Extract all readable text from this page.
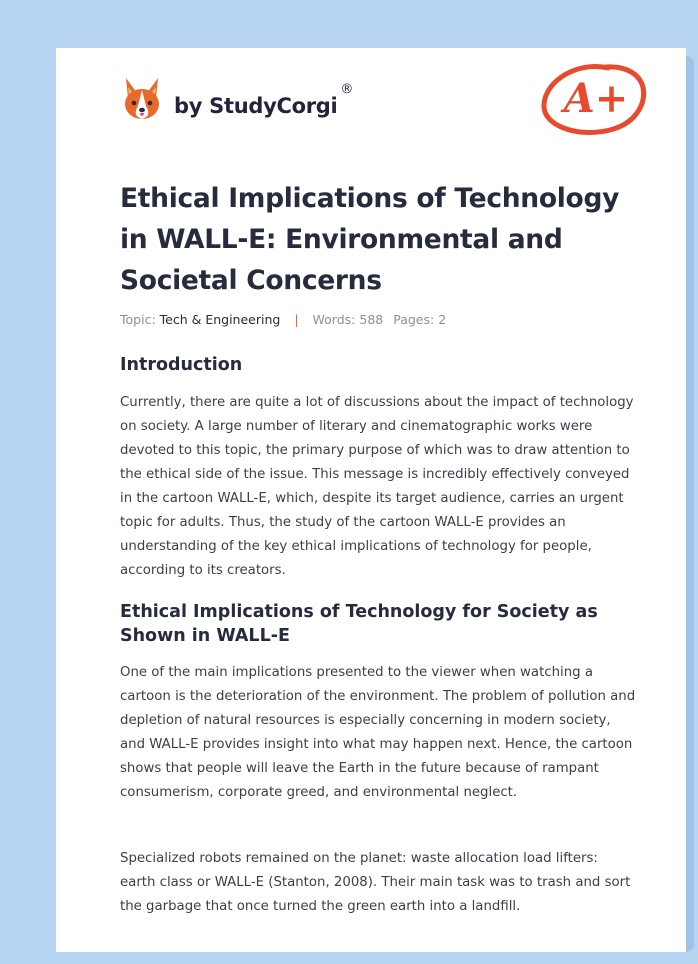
by StudyCorgi®	A+
Ethical Implications of Technology in WALL-E: Environmental and Societal Concerns
Topic: Tech & Engineering | Words: 588 Pages: 2
Introduction

Currently, there are quite a lot of discussions about the impact of technology on society. A large number of literary and cinematographic works were devoted to this topic, the primary purpose of which was to draw attention to the ethical side of the issue. This message is incredibly effectively conveyed in the cartoon WALL-E, which, despite its target audience, carries an urgent topic for adults. Thus, the study of the cartoon WALL-E provides an understanding of the key ethical implications of technology for people, according to its creators.

Ethical Implications of Technology for Society as Shown in WALL-E

One of the main implications presented to the viewer when watching a cartoon is the deterioration of the environment. The problem of pollution and depletion of natural resources is especially concerning in modern society, and WALL-E provides insight into what may happen next. Hence, the cartoon shows that people will leave the Earth in the future because of rampant consumerism, corporate greed, and environmental neglect.

Specialized robots remained on the planet: waste allocation load lifters: earth class or WALL-E (Stanton, 2008). Their main task was to trash and sort the garbage that once turned the green earth into a landfill.
